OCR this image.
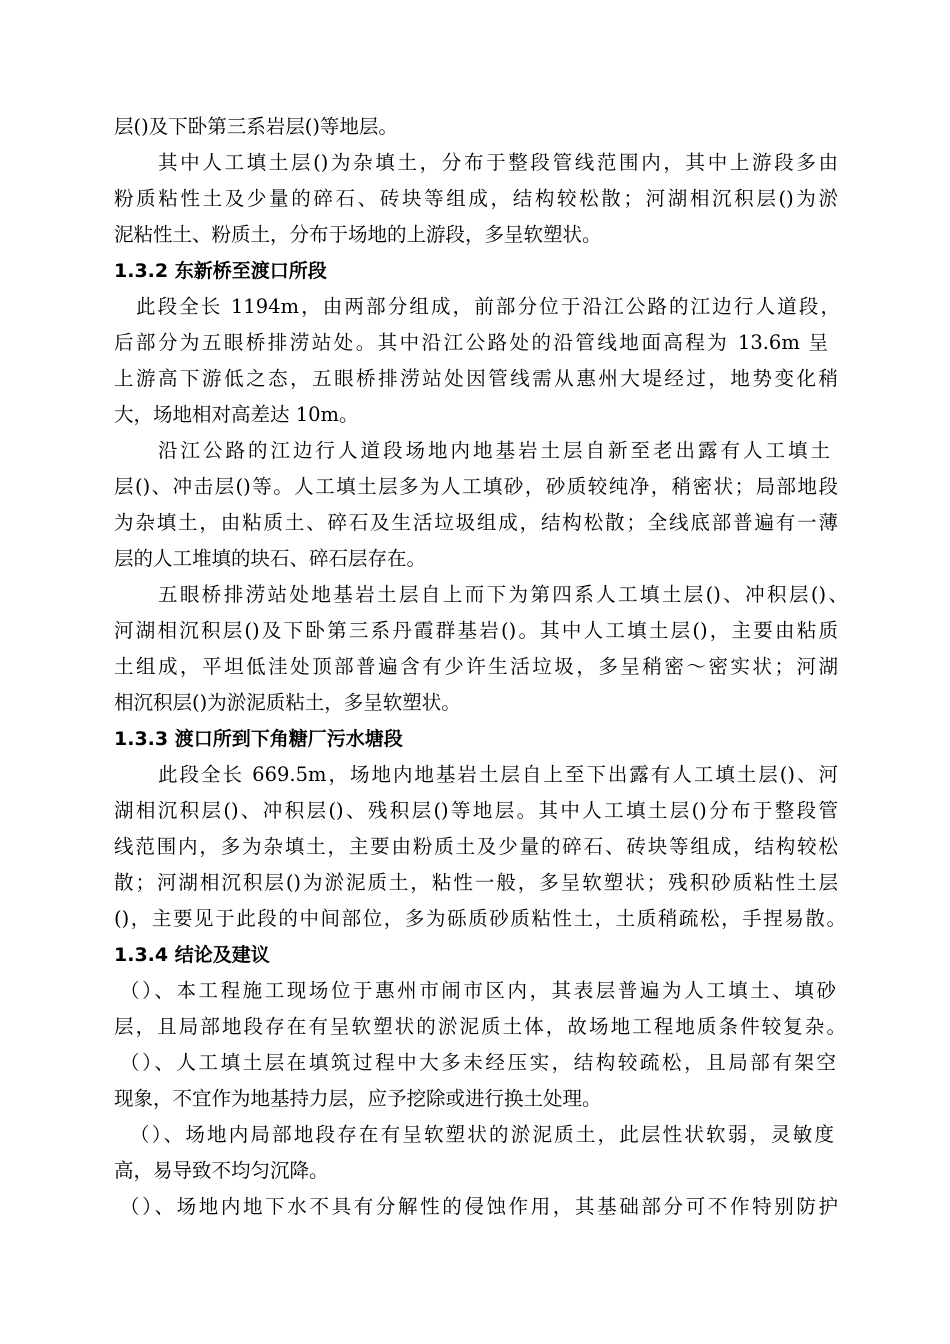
层()及下卧第三系岩层()等地层。
其中人工填土层()为杂填土，分布于整段管线范围内，其中上游段多由
粉质粘性土及少量的碎石、砖块等组成，结构较松散；河湖相沉积层()为淤
泥粘性土、粉质土，分布于场地的上游段，多呈软塑状。
1.3.2 东新桥至渡口所段
此段全长 1194m，由两部分组成，前部分位于沿江公路的江边行人道段，
后部分为五眼桥排涝站处。其中沿江公路处的沿管线地面高程为 13.6m 呈
上游高下游低之态，五眼桥排涝站处因管线需从惠州大堤经过，地势变化稍
大，场地相对高差达 10m。
沿江公路的江边行人道段场地内地基岩土层自新至老出露有人工填土
层()、冲击层()等。人工填土层多为人工填砂，砂质较纯净，稍密状；局部地段
为杂填土，由粘质土、碎石及生活垃圾组成，结构松散；全线底部普遍有一薄
层的人工堆填的块石、碎石层存在。
五眼桥排涝站处地基岩土层自上而下为第四系人工填土层()、冲积层()、
河湖相沉积层()及下卧第三系丹霞群基岩()。其中人工填土层()，主要由粘质
土组成，平坦低洼处顶部普遍含有少许生活垃圾，多呈稍密～密实状；河湖
相沉积层()为淤泥质粘土，多呈软塑状。
1.3.3 渡口所到下角糖厂污水塘段
此段全长 669.5m，场地内地基岩土层自上至下出露有人工填土层()、河
湖相沉积层()、冲积层()、残积层()等地层。其中人工填土层()分布于整段管
线范围内，多为杂填土，主要由粉质土及少量的碎石、砖块等组成，结构较松
散；河湖相沉积层()为淤泥质土，粘性一般，多呈软塑状；残积砂质粘性土层
()，主要见于此段的中间部位，多为砾质砂质粘性土，土质稍疏松，手捏易散。
1.3.4 结论及建议
（）、本工程施工现场位于惠州市闹市区内，其表层普遍为人工填土、填砂
层，且局部地段存在有呈软塑状的淤泥质土体，故场地工程地质条件较复杂。
（）、人工填土层在填筑过程中大多未经压实，结构较疏松，且局部有架空
现象，不宜作为地基持力层，应予挖除或进行换土处理。
（）、场地内局部地段存在有呈软塑状的淤泥质土，此层性状软弱，灵敏度
高，易导致不均匀沉降。
（）、场地内地下水不具有分解性的侵蚀作用，其基础部分可不作特别防护
